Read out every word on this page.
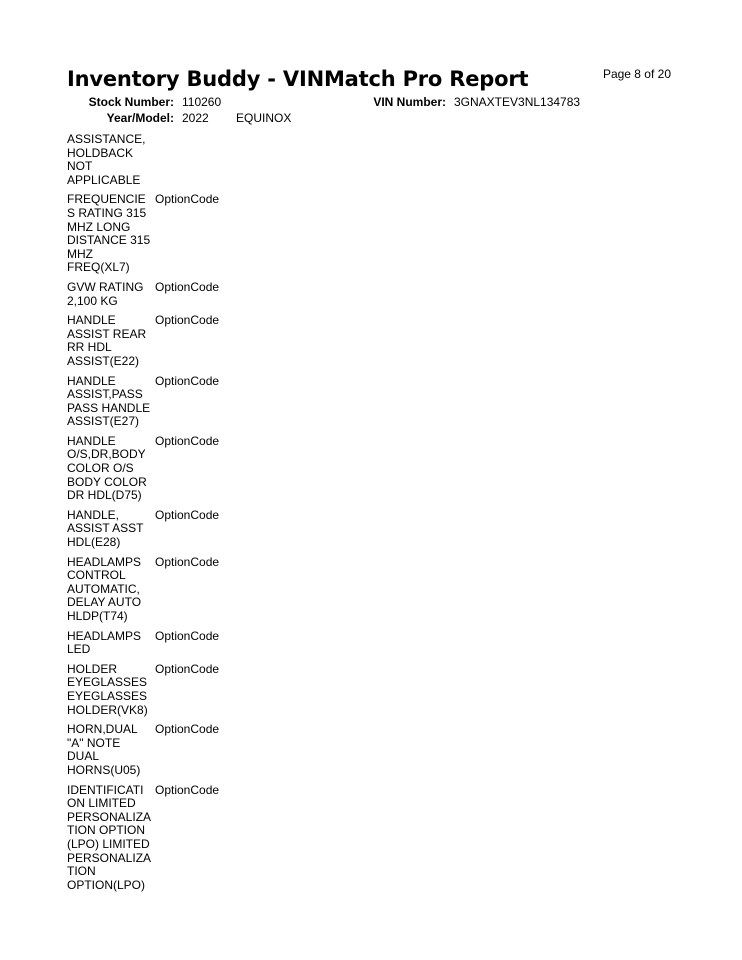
Inventory Buddy - VINMatch Pro Report	Page 8 of 20
Stock Number: 110260	VIN Number: 3GNAXTEV3NL134783
Year/Model: 2022 EQUINOX
ASSISTANCE,
HOLDBACK
NOT
APPLICABLE
FREQUENCIE
S RATING 315
MHZ LONG
DISTANCE 315
MHZ
FREQ(XL7)
OptionCode
GVW RATING
2,100 KG
OptionCode
HANDLE
ASSIST REAR
RR HDL
ASSIST(E22)
OptionCode
HANDLE
ASSIST,PASS
PASS HANDLE
ASSIST(E27)
OptionCode
HANDLE
O/S,DR,BODY
COLOR O/S
BODY COLOR
DR HDL(D75)
OptionCode
HANDLE,
ASSIST ASST
HDL(E28)
OptionCode
HEADLAMPS
CONTROL
AUTOMATIC,
DELAY AUTO
HLDP(T74)
OptionCode
HEADLAMPS
LED
OptionCode
HOLDER
EYEGLASSES
EYEGLASSES
HOLDER(VK8)
OptionCode
HORN,DUAL
"A" NOTE
DUAL
HORNS(U05)
OptionCode
IDENTIFICATI
ON LIMITED
PERSONALIZA
TION OPTION
(LPO) LIMITED
PERSONALIZA
TION
OPTION(LPO)
OptionCode
